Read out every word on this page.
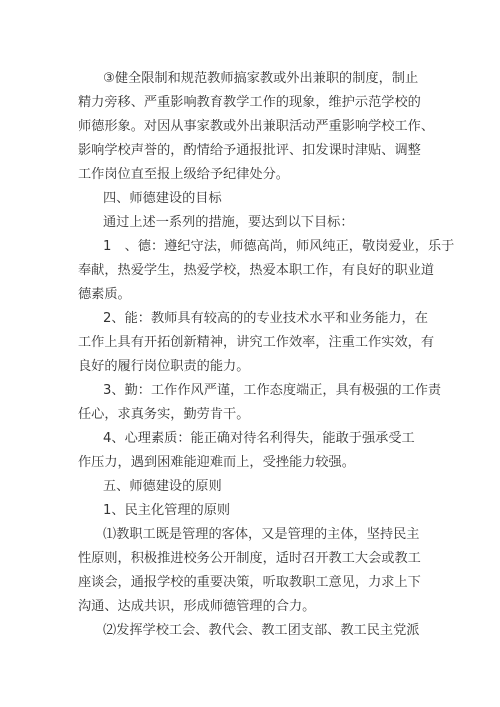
③健全限制和规范教师搞家教或外出兼职的制度，制止
精力旁移、严重影响教育教学工作的现象，维护示范学校的
师德形象。对因从事家教或外出兼职活动严重影响学校工作、
影响学校声誉的，酌情给予通报批评、扣发课时津贴、调整
工作岗位直至报上级给予纪律处分。
四、师德建设的目标
通过上述一系列的措施，要达到以下目标：
1　、德：遵纪守法，师德高尚，师风纯正，敬岗爱业，乐于
奉献，热爱学生，热爱学校，热爱本职工作，有良好的职业道
德素质。
2、能：教师具有较高的的专业技术水平和业务能力，在
工作上具有开拓创新精神，讲究工作效率，注重工作实效，有
良好的履行岗位职责的能力。
3、勤：工作作风严谨，工作态度端正，具有极强的工作责
任心，求真务实，勤劳肯干。
4、心理素质：能正确对待名利得失，能敢于强承受工
作压力，遇到困难能迎难而上，受挫能力较强。
五、师德建设的原则
1、民主化管理的原则
⑴教职工既是管理的客体，又是管理的主体，坚持民主
性原则，积极推进校务公开制度，适时召开教工大会或教工
座谈会，通报学校的重要决策，听取教职工意见，力求上下
沟通、达成共识，形成师德管理的合力。
⑵发挥学校工会、教代会、教工团支部、教工民主党派
